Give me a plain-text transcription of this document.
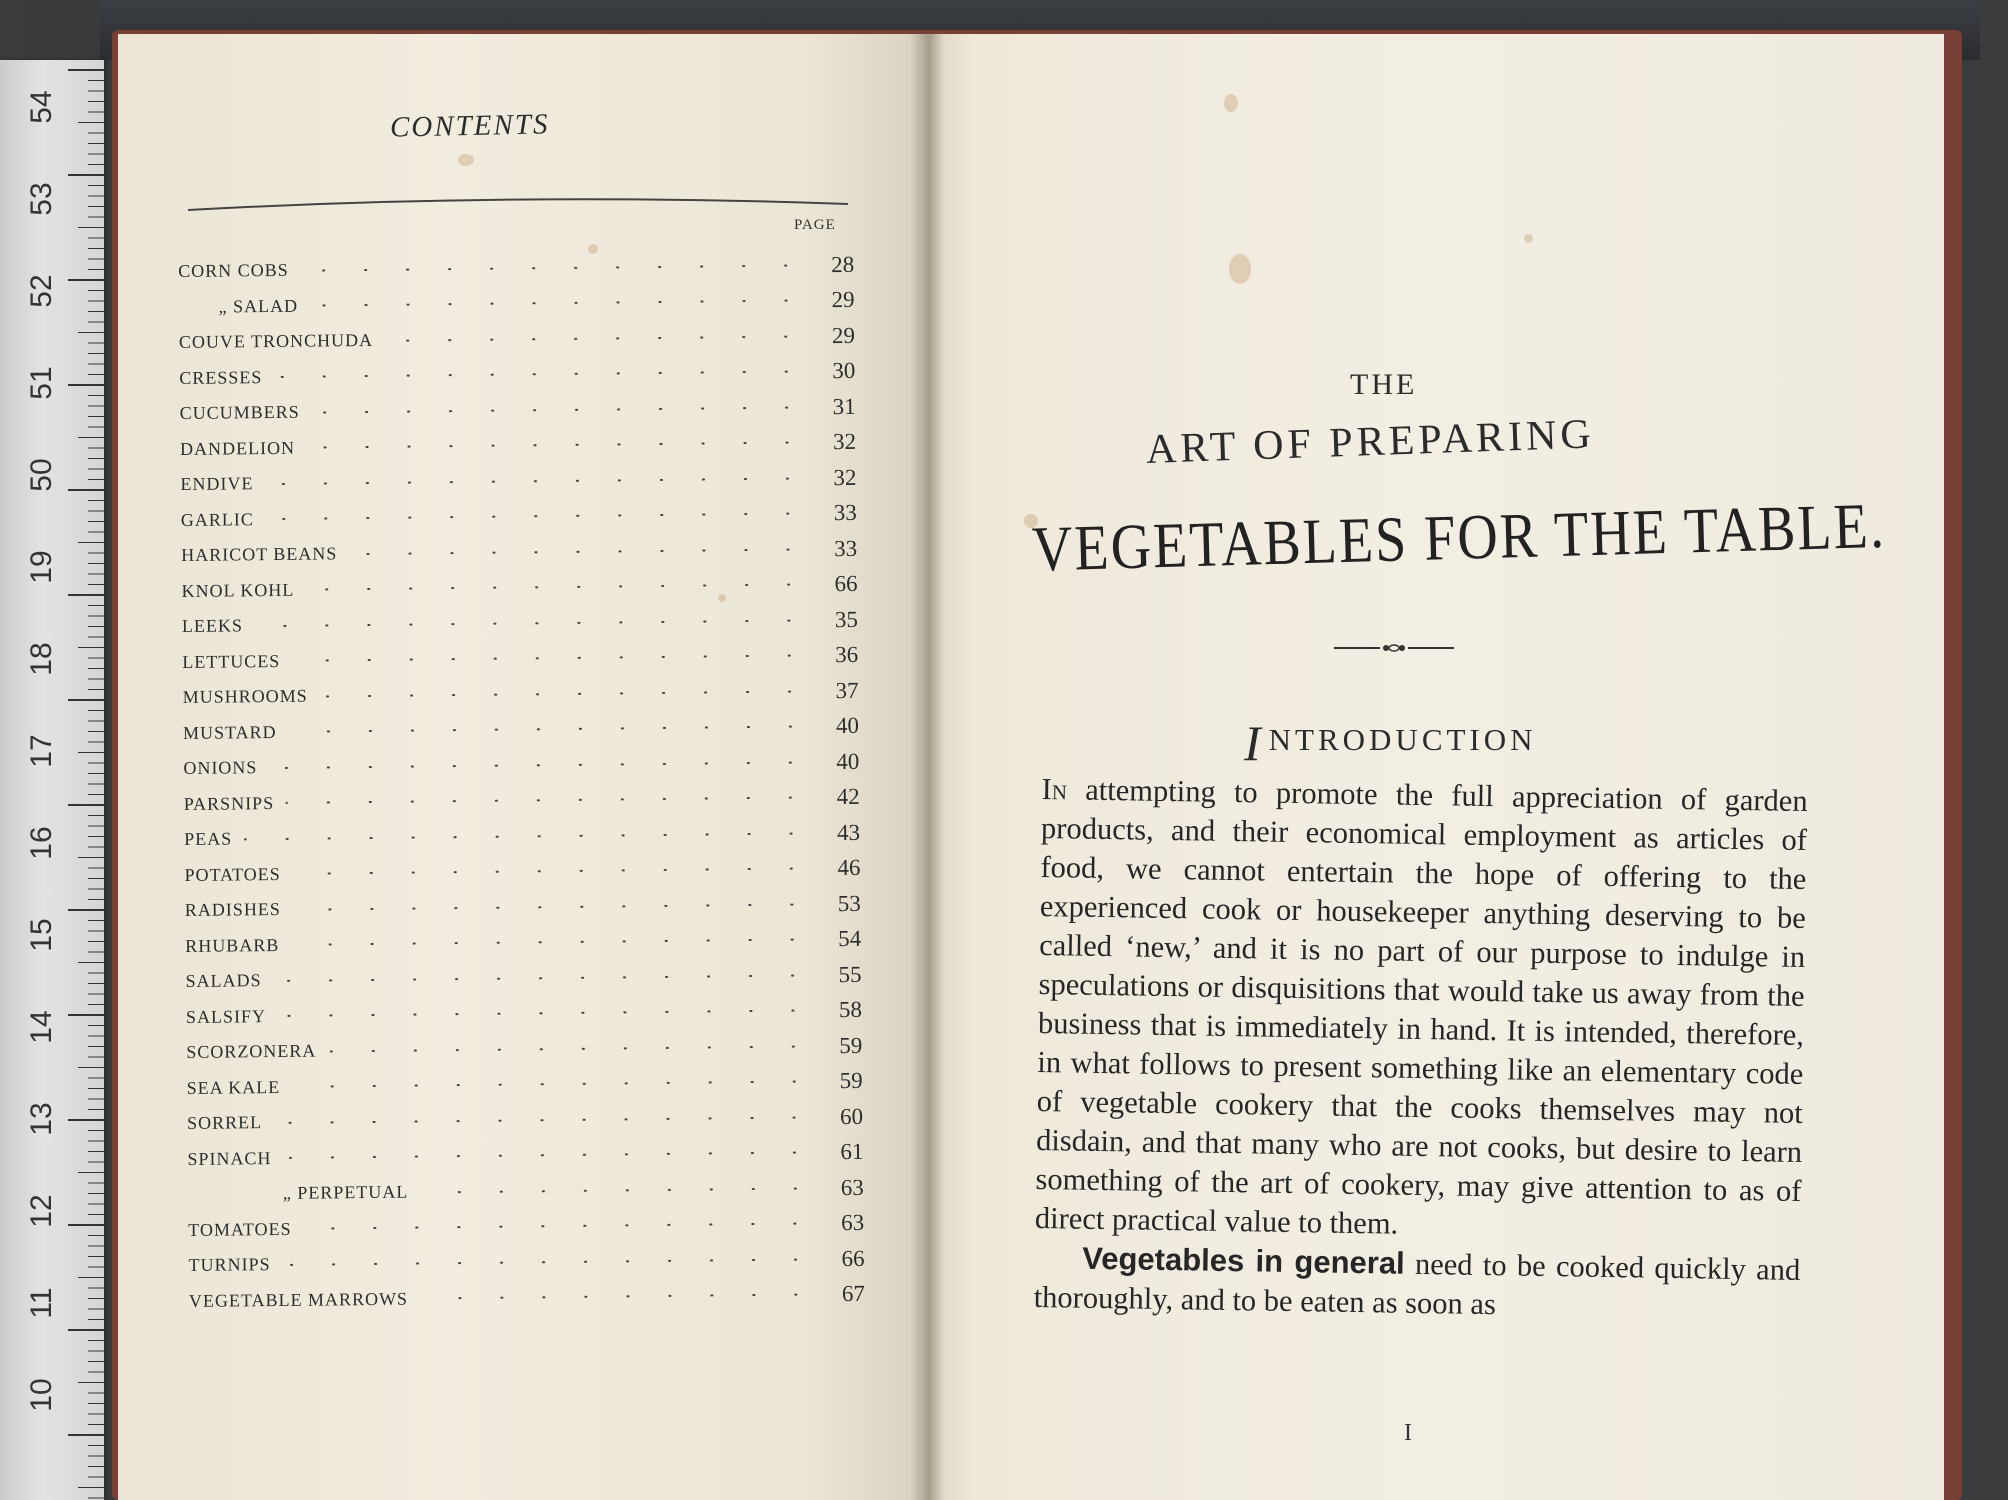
54
53
52
51
50
19
18
17
16
15
14
13
12
11
10
CONTENTS
PAGE
CORN COBS	28
„ SALAD	29
COUVE TRONCHUDA	29
CRESSES	30
CUCUMBERS	31
DANDELION	32
ENDIVE	32
GARLIC	33
HARICOT BEANS	33
KNOL KOHL	66
LEEKS	35
LETTUCES	36
MUSHROOMS	37
MUSTARD	40
ONIONS	40
PARSNIPS	42
PEAS	43
POTATOES	46
RADISHES	53
RHUBARB	54
SALADS	55
SALSIFY	58
SCORZONERA	59
SEA KALE	59
SORREL	60
SPINACH	61
„ PERPETUAL	63
TOMATOES	63
TURNIPS	66
VEGETABLE MARROWS	67
THE
ART OF PREPARING
VEGETABLES FOR THE TABLE.
INTRODUCTION

In attempting to promote the full appreciation of garden products, and their economical employment as articles of food, we cannot entertain the hope of offering to the experienced cook or housekeeper anything deserving to be called ‘new,’ and it is no part of our purpose to indulge in speculations or disquisitions that would take us away from the business that is immediately in hand. It is intended, therefore, in what follows to present something like an elementary code of vegetable cookery that the cooks themselves may not disdain, and that many who are not cooks, but desire to learn something of the art of cookery, may give attention to as of direct practical value to them.

Vegetables in general need to be cooked quickly and thoroughly, and to be eaten as soon as

I
